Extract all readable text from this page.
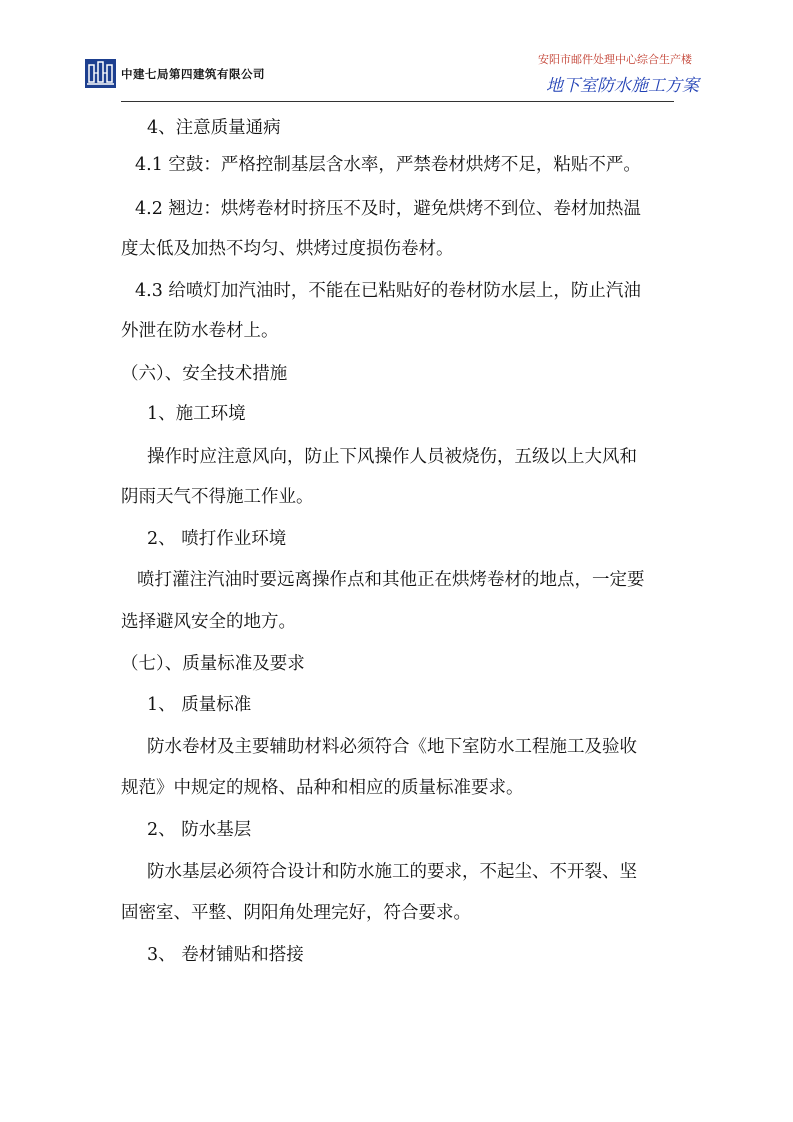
中建七局第四建筑有限公司
安阳市邮件处理中心综合生产楼
地下室防水施工方案
4、注意质量通病
4.1 空鼓：严格控制基层含水率，严禁卷材烘烤不足，粘贴不严。
4.2 翘边：烘烤卷材时挤压不及时，避免烘烤不到位、卷材加热温
度太低及加热不均匀、烘烤过度损伤卷材。
4.3 给喷灯加汽油时，不能在已粘贴好的卷材防水层上，防止汽油
外泄在防水卷材上。
（六）、安全技术措施
1、施工环境
操作时应注意风向，防止下风操作人员被烧伤，五级以上大风和
阴雨天气不得施工作业。
2、 喷打作业环境
喷打灌注汽油时要远离操作点和其他正在烘烤卷材的地点，一定要
选择避风安全的地方。
（七）、质量标准及要求
1、 质量标准
防水卷材及主要辅助材料必须符合《地下室防水工程施工及验收
规范》中规定的规格、品种和相应的质量标准要求。
2、 防水基层
防水基层必须符合设计和防水施工的要求，不起尘、不开裂、坚
固密室、平整、阴阳角处理完好，符合要求。
3、 卷材铺贴和搭接
